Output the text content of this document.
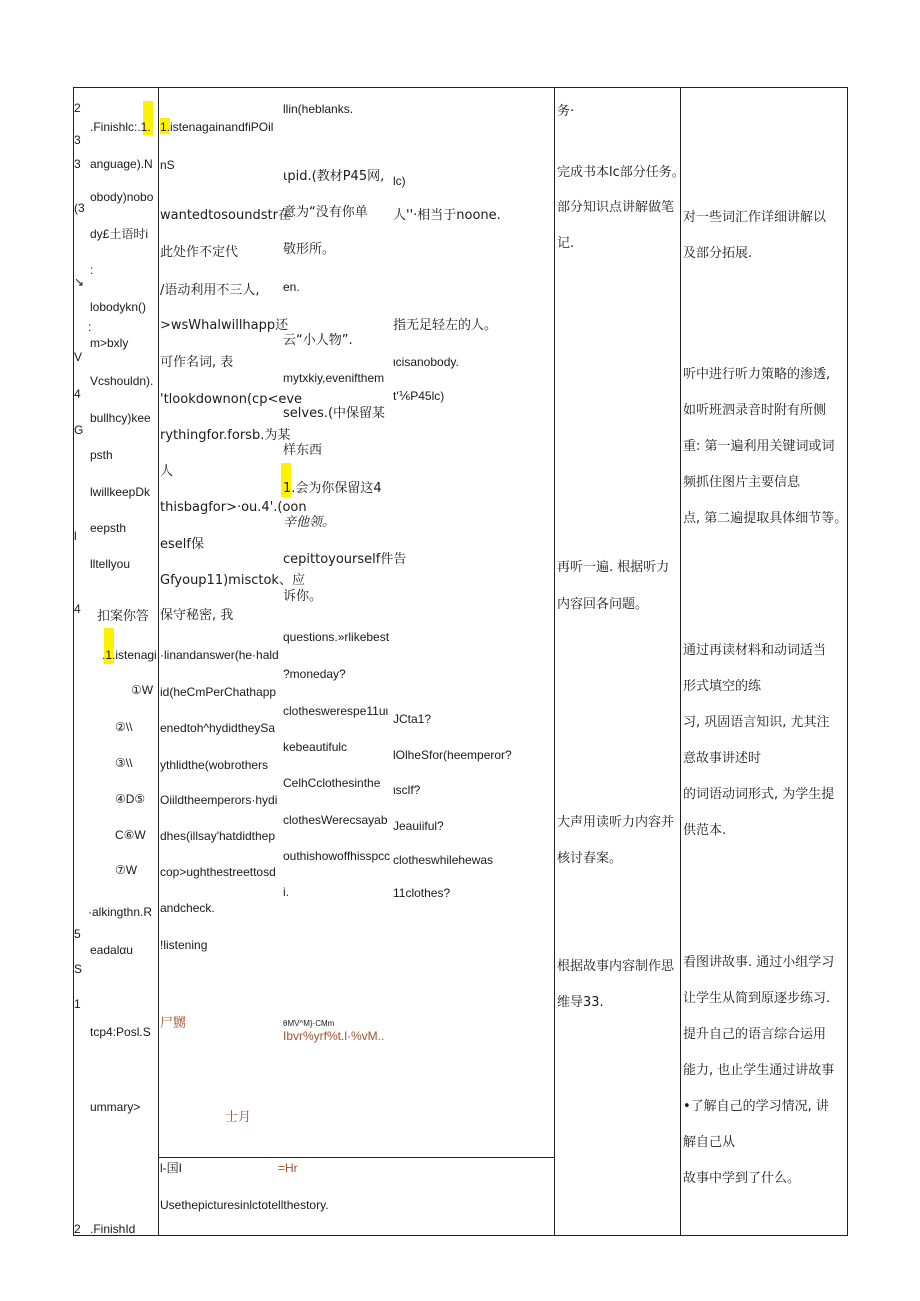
2
.Finishlc:.1.
3
3 anguage).N
(3
obody)nobo
dy£土语时i
:
↘
lobodykn()
:
m>bxly
V
Vcshouldn).
4
bullhcy)kee
G
psth
lwillkeepDk
l
eepsth
lltellyou
4 扣案你答
.1.istenagi
①W
②\\
③\\
④D⑤
C⑥W
⑦W
·alkingthn.R
5
eadalαu
S
1
tcp4:Posl.S
ummary>
2 .FinishId
1.istenagainandfiPOil
nS
wantedtosoundstr在
此处作不定代
/语动利用不三人,
>wsWhalwillhapp还
可作名词, 表
'tlookdownon(cp<eve
rythingfor.forsb.为某
人
thisbagfor>·ou.4'.(oon
eself保
Gfyoup11)misctok、应
保守秘密, 我
·linandanswer(he·hald
id(heCmPerChathapp
enedtoh^hydidtheySa
ythlidthe(wobrothers
Oiildtheemperors·hydi
dhes(illsay'hatdidthep
cop>ughthestreettosd
andcheck.
!listening
尸嬲
士月
llin(heblanks.
ιpid.(教材P45网,
意为“没有你单
敬形所。
en.
云“小人物”.
mytxkiy,evenifthem
selves.(中保留某
样东西
1.会为你保留这4
辛他领。
cepittoyourself件告
诉你。
questions.»rlikebest
?moneday?
clotheswerespe11uι
kebeautifulc
CelhCclothesinthe
clothesWerecsayab
outhishowoffhisspcc
i.
θMV^M}·CMm
Ibvr%yrf%t.l·%vM..
lc)
人''·相当于noone.
指无足轻左的人。
ιcisanobody.
t'⅙P45lc)
JCta1?
lOlheSfor(heemperor?
ιsclf?
Jeauiiful?
clotheswhilehewas
11clothes?
l-国I	=Hr
Usethepicturesinlctotellthestory.
务·
完成书本lc部分任务。
部分知识点讲解做笔
记.
再听一遍. 根据听力
内容回各问题。
大声用读听力内容并
核讨春案。
根据故事内容制作思
维导33.
对一些词汇作详细讲解以
及部分拓展.
听中进行听力策略的渗透,
如听班泗录音时附有所侧
重: 第一遍利用关键词或词
频抓住图片主要信息
点, 第二遍提取具体细节等。
通过再读材料和动词适当
形式填空的练
习, 巩固语言知识, 尤其注
意故事讲述时
的词语动词形式, 为学生提
供范本.
看图讲故事. 通过小组学习
让学生从简到原逐步练习.
提升自己的语言综合运用
能力, 也止学生通过讲故事
•了解自己的学习情况, 讲
解自己从
故事中学到了什么。
